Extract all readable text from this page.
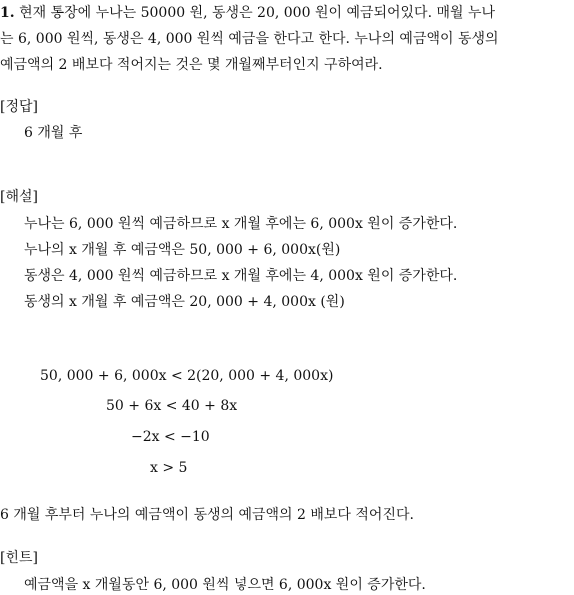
1. 현재 통장에 누나는 50000 원, 동생은 20, 000 원이 예금되어있다. 매월 누나
는 6, 000 원씩, 동생은 4, 000 원씩 예금을 한다고 한다. 누나의 예금액이 동생의
예금액의 2 배보다 적어지는 것은 몇 개월째부터인지 구하여라.
[정답]
6 개월 후
[해설]
누나는 6, 000 원씩 예금하므로 x 개월 후에는 6, 000x 원이 증가한다.
누나의 x 개월 후 예금액은 50, 000 + 6, 000x(원)
동생은 4, 000 원씩 예금하므로 x 개월 후에는 4, 000x 원이 증가한다.
동생의 x 개월 후 예금액은 20, 000 + 4, 000x (원)
50, 000 + 6, 000x < 2(20, 000 + 4, 000x)
50 + 6x < 40 + 8x
−2x < −10
x > 5
6 개월 후부터 누나의 예금액이 동생의 예금액의 2 배보다 적어진다.
[힌트]
예금액을 x 개월동안 6, 000 원씩 넣으면 6, 000x 원이 증가한다.
